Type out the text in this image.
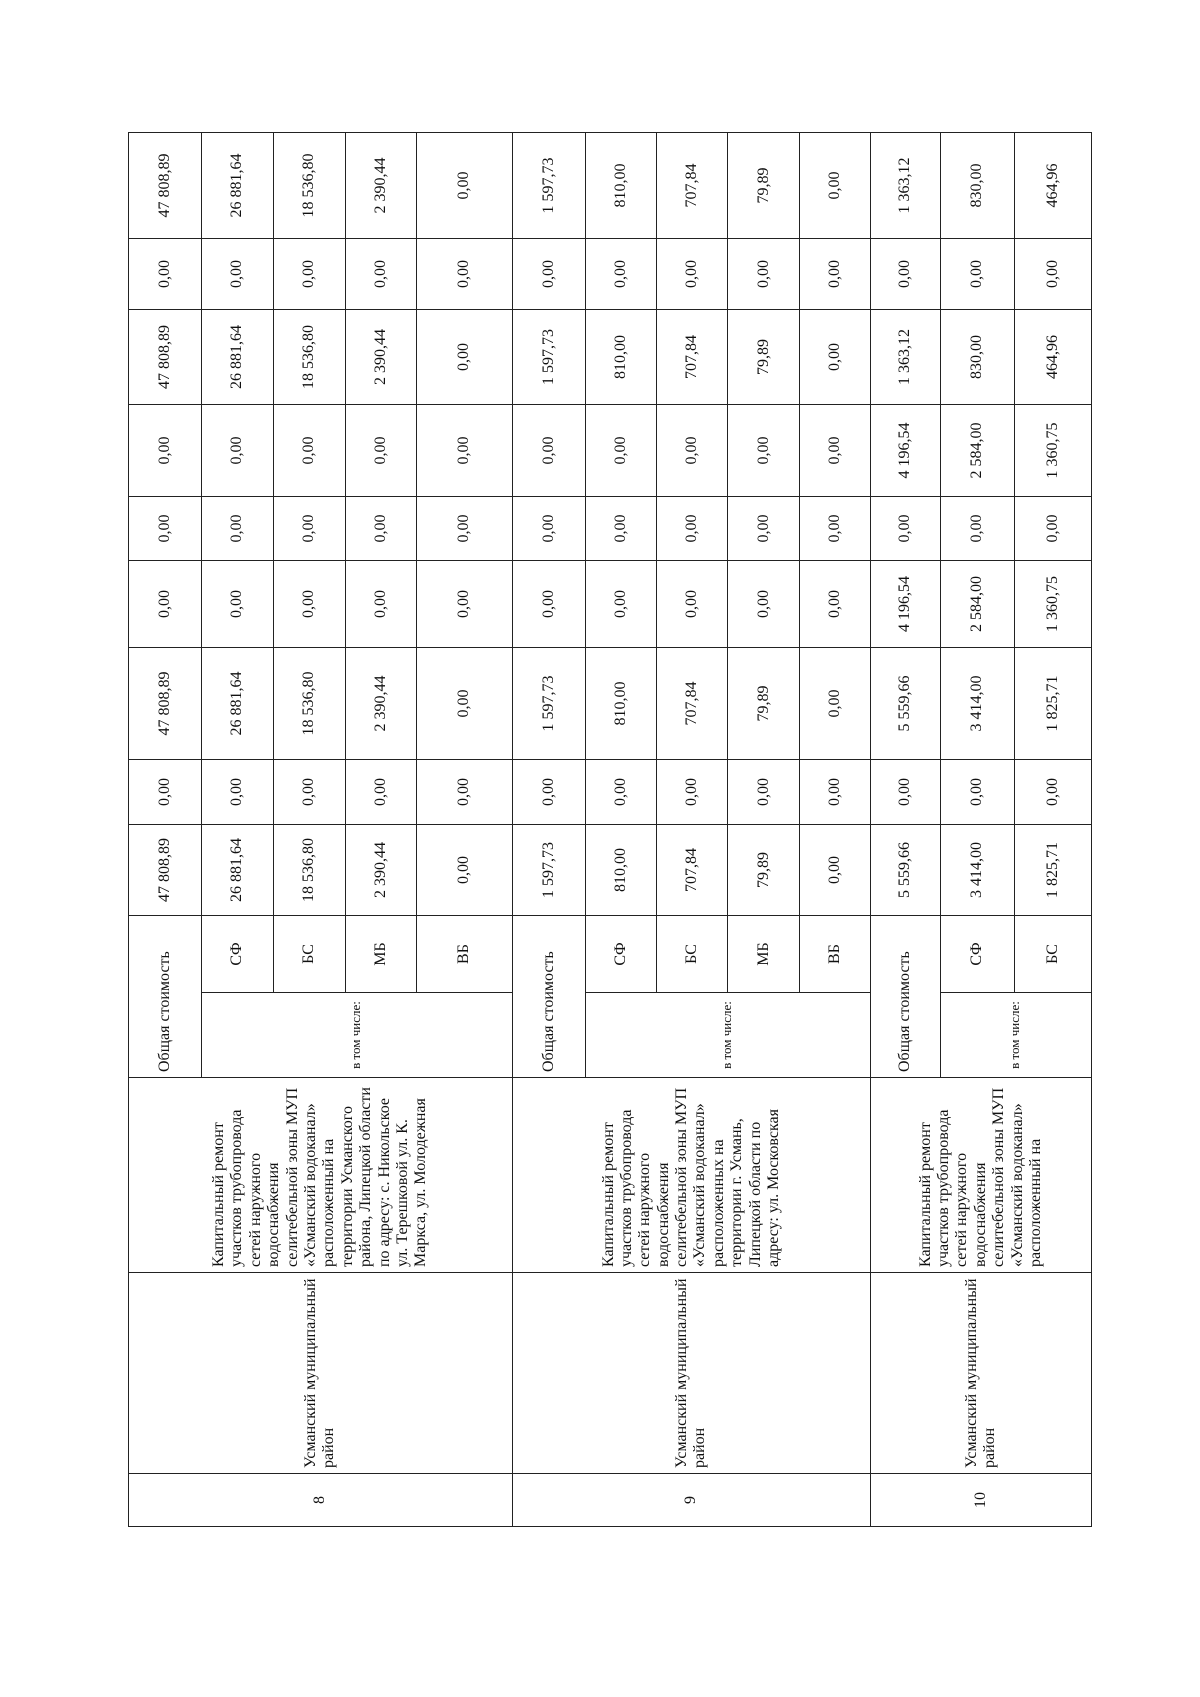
8	Усманский муниципальный район	Капитальный ремонт участков трубопровода сетей наружного водоснабжения селитебельной зоны МУП «Усманский водоканал» расположенный на территории Усманского района, Липецкой области по адресу: с. Никольское ул. Терешковой ул. К. Маркса, ул. Молодежная	Общая стоимость		47 808,89	0,00	47 808,89	0,00	0,00	0,00	47 808,89	0,00	47 808,89
			в том числе:	СФ	26 881,64	0,00	26 881,64	0,00	0,00	0,00	26 881,64	0,00	26 881,64
				БС	18 536,80	0,00	18 536,80	0,00	0,00	0,00	18 536,80	0,00	18 536,80
				МБ	2 390,44	0,00	2 390,44	0,00	0,00	0,00	2 390,44	0,00	2 390,44
				ВБ	0,00	0,00	0,00	0,00	0,00	0,00	0,00	0,00	0,00
9	Усманский муниципальный район	Капитальный ремонт участков трубопровода сетей наружного водоснабжения селитебельной зоны МУП «Усманский водоканал» расположенных на территории г. Усмань, Липецкой области по адресу: ул. Московская	Общая стоимость		1 597,73	0,00	1 597,73	0,00	0,00	0,00	1 597,73	0,00	1 597,73
			в том числе:	СФ	810,00	0,00	810,00	0,00	0,00	0,00	810,00	0,00	810,00
				БС	707,84	0,00	707,84	0,00	0,00	0,00	707,84	0,00	707,84
				МБ	79,89	0,00	79,89	0,00	0,00	0,00	79,89	0,00	79,89
				ВБ	0,00	0,00	0,00	0,00	0,00	0,00	0,00	0,00	0,00
10	Усманский муниципальный район	Капитальный ремонт участков трубопровода сетей наружного водоснабжения селитебельной зоны МУП «Усманский водоканал» расположенный на	Общая стоимость		5 559,66	0,00	5 559,66	4 196,54	0,00	4 196,54	1 363,12	0,00	1 363,12
			в том числе:	СФ	3 414,00	0,00	3 414,00	2 584,00	0,00	2 584,00	830,00	0,00	830,00
				БС	1 825,71	0,00	1 825,71	1 360,75	0,00	1 360,75	464,96	0,00	464,96
